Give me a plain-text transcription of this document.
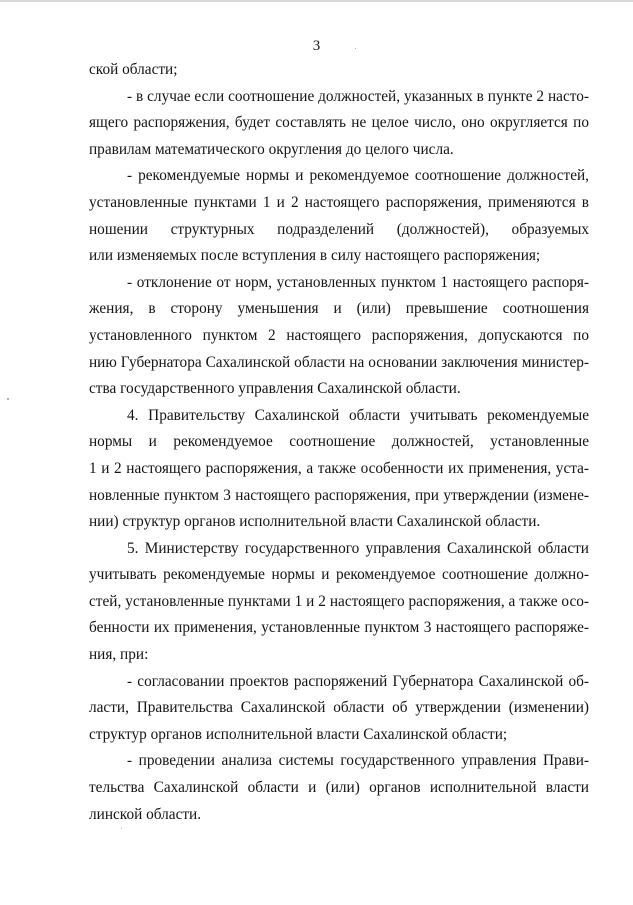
3
ской области;
- в случае если соотношение должностей, указанных в пункте 2 насто-
ящего распоряжения, будет составлять не целое число, оно округляется по
правилам математического округления до целого числа.
- рекомендуемые нормы и рекомендуемое соотношение должностей,
установленные пунктами 1 и 2 настоящего распоряжения, применяются в
ношении структурных подразделений (должностей), образуемых
или изменяемых после вступления в силу настоящего распоряжения;
- отклонение от норм, установленных пунктом 1 настоящего распоря-
жения, в сторону уменьшения и (или) превышение соотношения
установленного пунктом 2 настоящего распоряжения, допускаются по
нию Губернатора Сахалинской области на основании заключения министер-
ства государственного управления Сахалинской области.
4. Правительству Сахалинской области учитывать рекомендуемые
нормы и рекомендуемое соотношение должностей, установленные
1 и 2 настоящего распоряжения, а также особенности их применения, уста-
новленные пунктом 3 настоящего распоряжения, при утверждении (измене-
нии) структур органов исполнительной власти Сахалинской области.
5. Министерству государственного управления Сахалинской области
учитывать рекомендуемые нормы и рекомендуемое соотношение должно-
стей, установленные пунктами 1 и 2 настоящего распоряжения, а также осо-
бенности их применения, установленные пунктом 3 настоящего распоряже-
ния, при:
- согласовании проектов распоряжений Губернатора Сахалинской об-
ласти, Правительства Сахалинской области об утверждении (изменении)
структур органов исполнительной власти Сахалинской области;
- проведении анализа системы государственного управления Прави-
тельства Сахалинской области и (или) органов исполнительной власти
линской области.
